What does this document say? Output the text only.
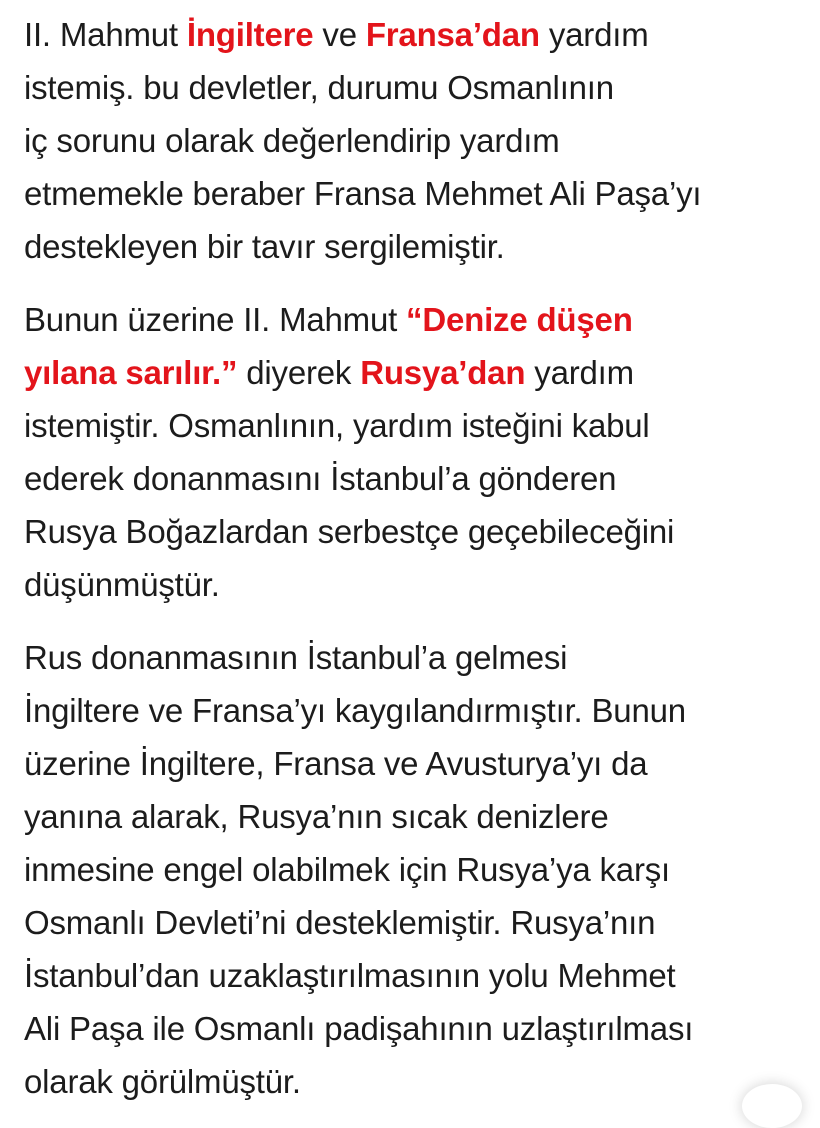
II. Mahmut İngiltere ve Fransa’dan yardım
istemiş. bu devletler, durumu Osmanlının
iç sorunu olarak değerlendirip yardım
etmemekle beraber Fransa Mehmet Ali Paşa’yı
destekleyen bir tavır sergilemiştir.

Bunun üzerine II. Mahmut “Denize düşen
yılana sarılır.” diyerek Rusya’dan yardım
istemiştir. Osmanlının, yardım isteğini kabul
ederek donanmasını İstanbul’a gönderen
Rusya Boğazlardan serbestçe geçebileceğini
düşünmüştür.

Rus donanmasının İstanbul’a gelmesi
İngiltere ve Fransa’yı kaygılandırmıştır. Bunun
üzerine İngiltere, Fransa ve Avusturya’yı da
yanına alarak, Rusya’nın sıcak denizlere
inmesine engel olabilmek için Rusya’ya karşı
Osmanlı Devleti’ni desteklemiştir. Rusya’nın
İstanbul’dan uzaklaştırılmasının yolu Mehmet
Ali Paşa ile Osmanlı padişahının uzlaştırılması
olarak görülmüştür.
